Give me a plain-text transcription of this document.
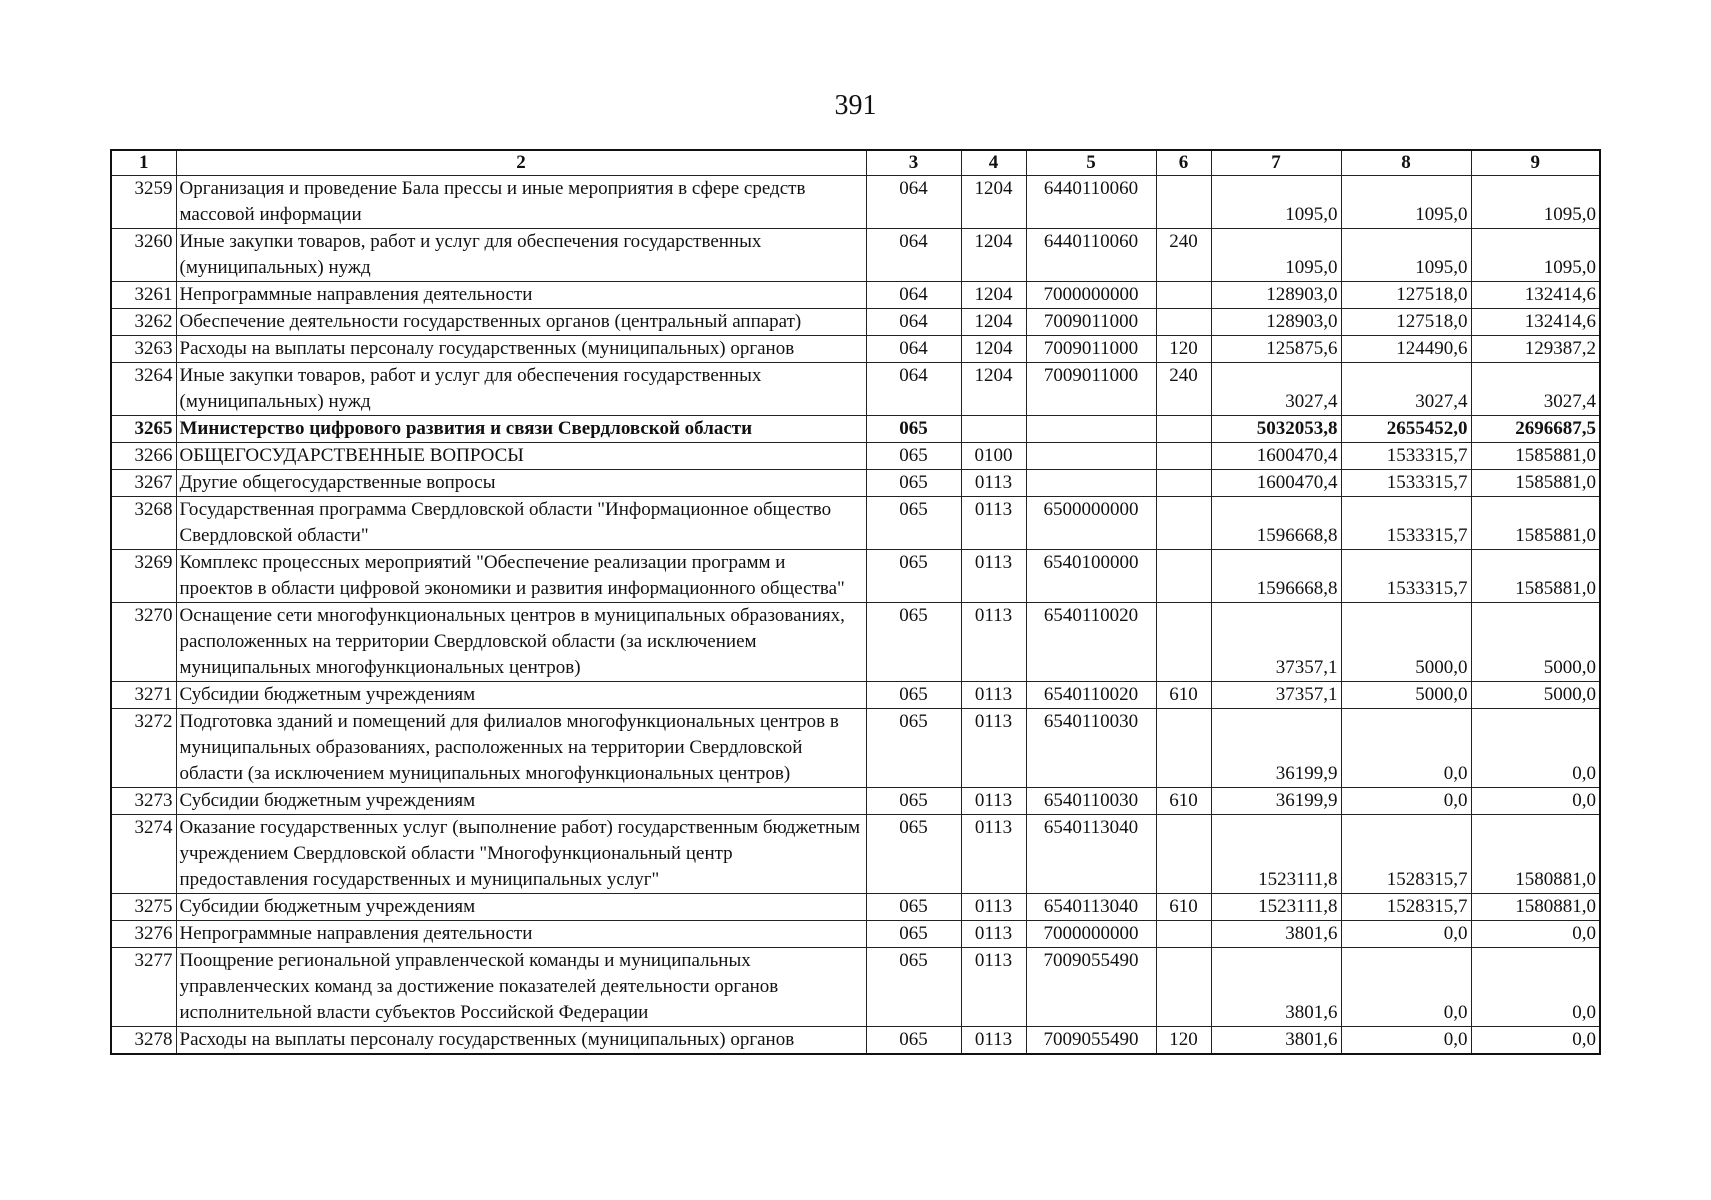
391
1	2	3	4	5	6	7	8	9
3259	Организация и проведение Бала прессы и иные мероприятия в сфере средств массовой информации	064	1204	6440110060		1095,0	1095,0	1095,0
3260	Иные закупки товаров, работ и услуг для обеспечения государственных (муниципальных) нужд	064	1204	6440110060	240	1095,0	1095,0	1095,0
3261	Непрограммные направления деятельности	064	1204	7000000000		128903,0	127518,0	132414,6
3262	Обеспечение деятельности государственных органов (центральный аппарат)	064	1204	7009011000		128903,0	127518,0	132414,6
3263	Расходы на выплаты персоналу государственных (муниципальных) органов	064	1204	7009011000	120	125875,6	124490,6	129387,2
3264	Иные закупки товаров, работ и услуг для обеспечения государственных (муниципальных) нужд	064	1204	7009011000	240	3027,4	3027,4	3027,4
3265	Министерство цифрового развития и связи Свердловской области	065				5032053,8	2655452,0	2696687,5
3266	ОБЩЕГОСУДАРСТВЕННЫЕ ВОПРОСЫ	065	0100			1600470,4	1533315,7	1585881,0
3267	Другие общегосударственные вопросы	065	0113			1600470,4	1533315,7	1585881,0
3268	Государственная программа Свердловской области "Информационное общество Свердловской области"	065	0113	6500000000		1596668,8	1533315,7	1585881,0
3269	Комплекс процессных мероприятий "Обеспечение реализации программ и проектов в области цифровой экономики и развития информационного общества"	065	0113	6540100000		1596668,8	1533315,7	1585881,0
3270	Оснащение сети многофункциональных центров в муниципальных образованиях, расположенных на территории Свердловской области (за исключением муниципальных многофункциональных центров)	065	0113	6540110020		37357,1	5000,0	5000,0
3271	Субсидии бюджетным учреждениям	065	0113	6540110020	610	37357,1	5000,0	5000,0
3272	Подготовка зданий и помещений для филиалов многофункциональных центров в муниципальных образованиях, расположенных на территории Свердловской области (за исключением муниципальных многофункциональных центров)	065	0113	6540110030		36199,9	0,0	0,0
3273	Субсидии бюджетным учреждениям	065	0113	6540110030	610	36199,9	0,0	0,0
3274	Оказание государственных услуг (выполнение работ) государственным бюджетным учреждением Свердловской области "Многофункциональный центр предоставления государственных и муниципальных услуг"	065	0113	6540113040		1523111,8	1528315,7	1580881,0
3275	Субсидии бюджетным учреждениям	065	0113	6540113040	610	1523111,8	1528315,7	1580881,0
3276	Непрограммные направления деятельности	065	0113	7000000000		3801,6	0,0	0,0
3277	Поощрение региональной управленческой команды и муниципальных управленческих команд за достижение показателей деятельности органов исполнительной власти субъектов Российской Федерации	065	0113	7009055490		3801,6	0,0	0,0
3278	Расходы на выплаты персоналу государственных (муниципальных) органов	065	0113	7009055490	120	3801,6	0,0	0,0
